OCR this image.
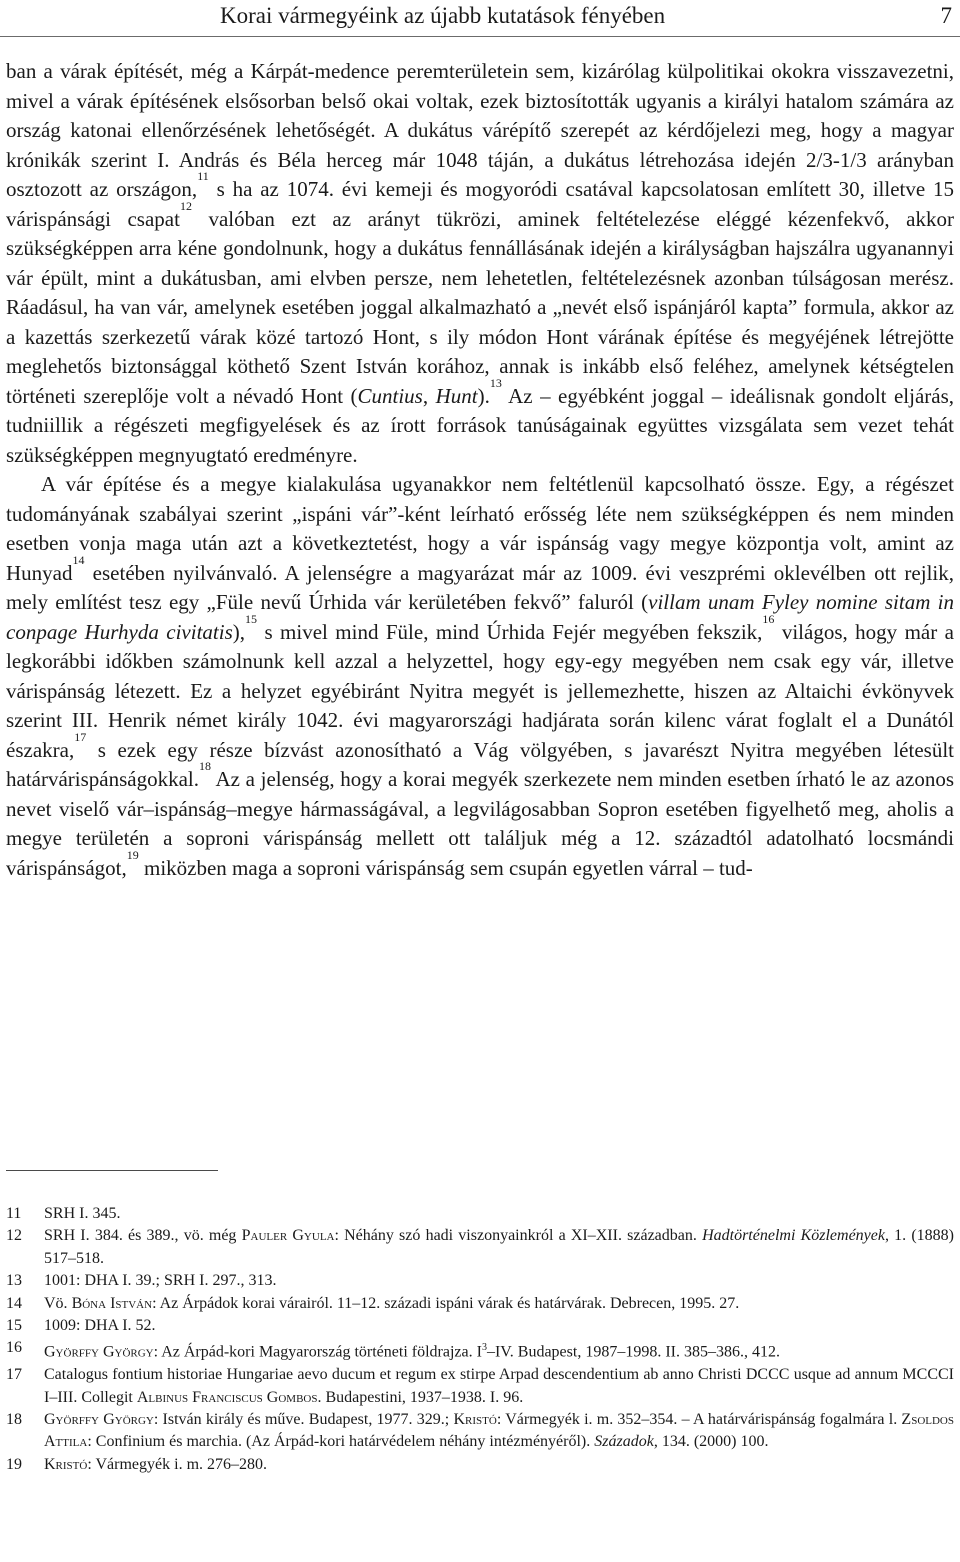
Korai vármegyéink az újabb kutatások fényében	7

ban a várak építését, még a Kárpát-medence peremterületein sem, kizárólag külpolitikai okokra visszavezetni, mivel a várak építésének elsősorban belső okai voltak, ezek biztosították ugyanis a királyi hatalom számára az ország katonai ellenőrzésének lehetőségét. A dukátus várépítő szerepét az kérdőjelezi meg, hogy a magyar krónikák szerint I. András és Béla herceg már 1048 táján, a dukátus létrehozása idején 2/3-1/3 arányban osztozott az országon,$^{11}$ s ha az 1074. évi kemeji és mogyoródi csatával kapcsolatosan említett 30, illetve 15 várispánsági csapat$^{12}$ valóban ezt az arányt tükrözi, aminek feltételezése eléggé kézenfekvő, akkor szükségképpen arra kéne gondolnunk, hogy a dukátus fennállásának idején a királyságban hajszálra ugyanannyi vár épült, mint a dukátusban, ami elvben persze, nem lehetetlen, feltételezésnek azonban túlságosan merész. Ráadásul, ha van vár, amelynek esetében joggal alkalmazható a „nevét első ispánjáról kapta” formula, akkor az a kazettás szerkezetű várak közé tartozó Hont, s ily módon Hont várának építése és megyéjének létrejötte meglehetős biztonsággal köthető Szent István korához, annak is inkább első feléhez, amelynek kétségtelen történeti szereplője volt a névadó Hont (Cuntius, Hunt).$^{13}$ Az – egyébként joggal – ideálisnak gondolt eljárás, tudniillik a régészeti megfigyelések és az írott források tanúságainak együttes vizsgálata sem vezet tehát szükségképpen megnyugtató eredményre.

A vár építése és a megye kialakulása ugyanakkor nem feltétlenül kapcsolható össze. Egy, a régészet tudományának szabályai szerint „ispáni vár”-ként leírható erősség léte nem szükségképpen és nem minden esetben vonja maga után azt a következtetést, hogy a vár ispánság vagy megye központja volt, amint az Hunyad$^{14}$ esetében nyilvánvaló. A jelenségre a magyarázat már az 1009. évi veszprémi oklevélben ott rejlik, mely említést tesz egy „Füle nevű Úrhida vár kerületében fekvő” faluról (villam unam Fyley nomine sitam in conpage Hurhyda civitatis),$^{15}$ s mivel mind Füle, mind Úrhida Fejér megyében fekszik,$^{16}$ világos, hogy már a legkorábbi időkben számolnunk kell azzal a helyzettel, hogy egy-egy megyében nem csak egy vár, illetve várispánság létezett. Ez a helyzet egyébiránt Nyitra megyét is jellemezhette, hiszen az Altaichi évkönyvek szerint III. Henrik német király 1042. évi magyarországi hadjárata során kilenc várat foglalt el a Dunától északra,$^{17}$ s ezek egy része bízvást azonosítható a Vág völgyében, s javarészt Nyitra megyében létesült határvárispánságokkal.$^{18}$ Az a jelenség, hogy a korai megyék szerkezete nem minden esetben írható le az azonos nevet viselő vár–ispánság–megye hármasságával, a legvilágosabban Sopron esetében figyelhető meg, aholis a megye területén a soproni várispánság mellett ott találjuk még a 12. századtól adatolható locsmándi várispánságot,$^{19}$ miközben maga a soproni várispánság sem csupán egyetlen várral – tud-

11 SRH I. 345.
12 SRH I. 384. és 389., vö. még Pauler Gyula: Néhány szó hadi viszonyainkról a XI–XII. században. Hadtörténelmi Közlemények, 1. (1888) 517–518.
13 1001: DHA I. 39.; SRH I. 297., 313.
14 Vö. Bóna István: Az Árpádok korai várairól. 11–12. századi ispáni várak és határvárak. Debrecen, 1995. 27.
15 1009: DHA I. 52.
16 Györffy György: Az Árpád-kori Magyarország történeti földrajza. $I^3-IV$. Budapest, 1987–1998. II. 385–386., 412.
17 Catalogus fontium historiae Hungariae aevo ducum et regum ex stirpe Arpad descendentium ab anno Christi DCCC usque ad annum MCCCI I–III. Collegit Albinus Franciscus Gombos. Budapestini, 1937–1938. I. 96.
18 Györffy György: István király és műve. Budapest, 1977. 329.; Kristó: Vármegyék i. m. 352–354. – A határvárispánság fogalmára l. Zsoldos Attila: Confinium és marchia. (Az Árpád-kori határvédelem néhány intézményéről). Századok, 134. (2000) 100.
19 Kristó: Vármegyék i. m. 276–280.
